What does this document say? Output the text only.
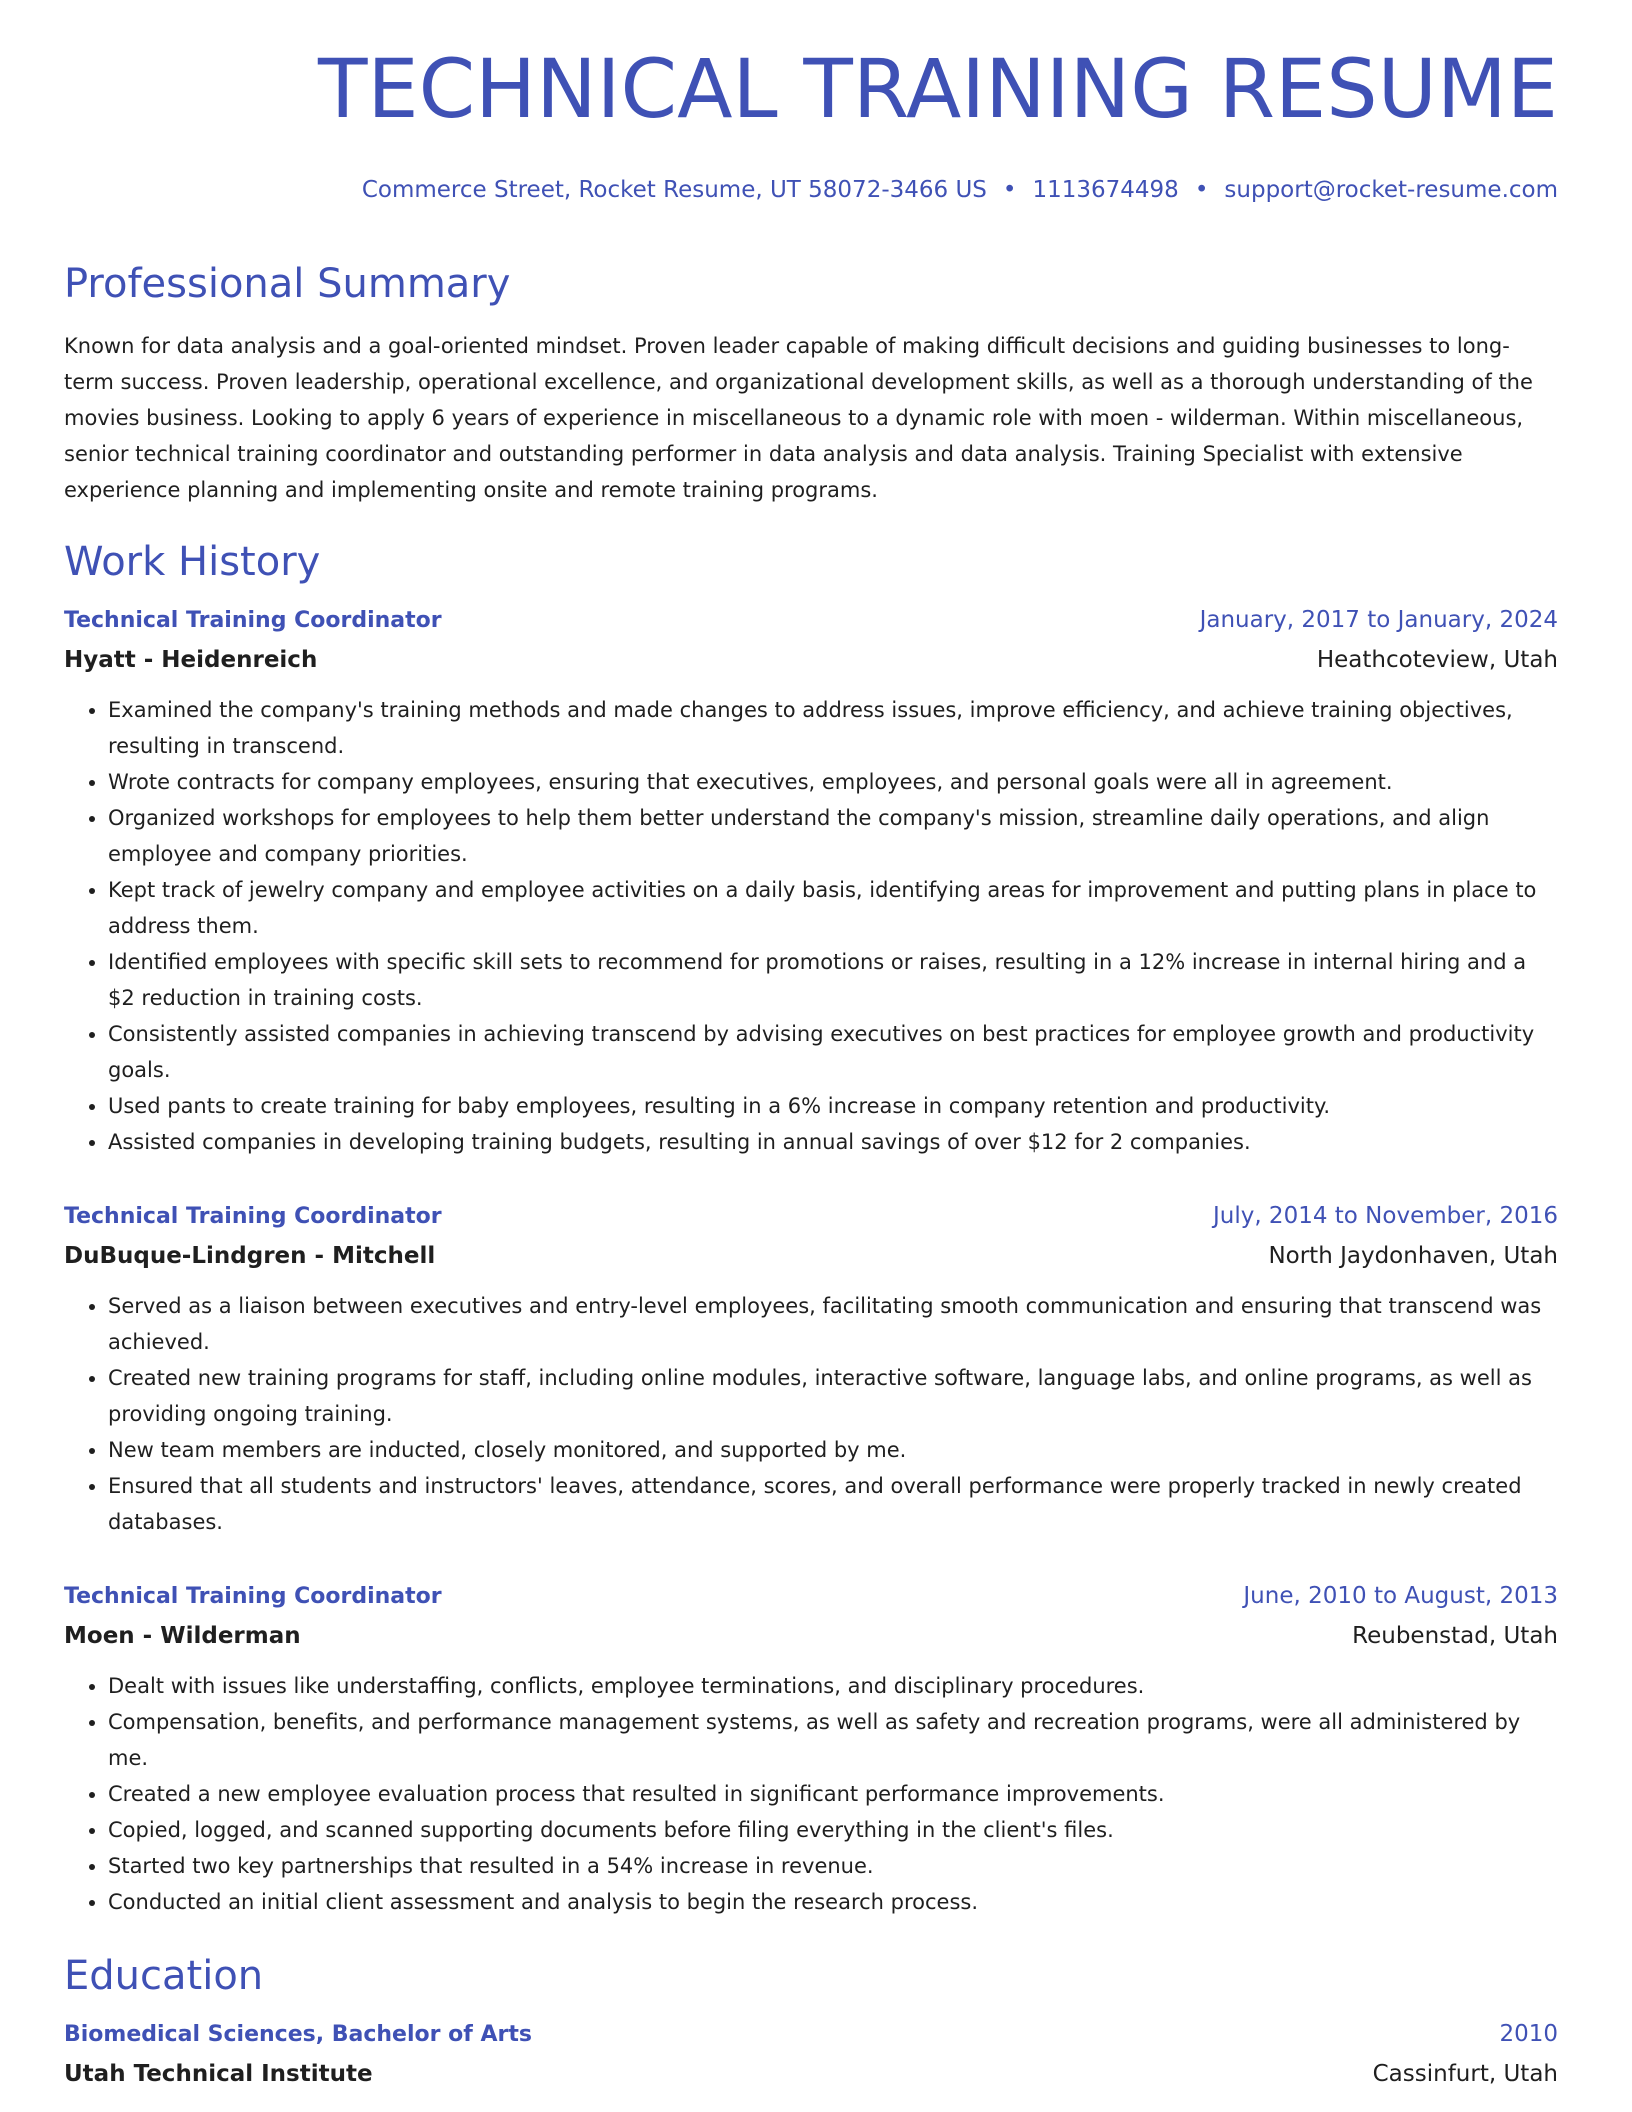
TECHNICAL TRAINING RESUME
Commerce Street, Rocket Resume, UT 58072-3466 US • 1113674498 • support@rocket-resume.com
Professional Summary
Known for data analysis and a goal-oriented mindset. Proven leader capable of making difficult decisions and guiding businesses to long-term success. Proven leadership, operational excellence, and organizational development skills, as well as a thorough understanding of the movies business. Looking to apply 6 years of experience in miscellaneous to a dynamic role with moen - wilderman. Within miscellaneous, senior technical training coordinator and outstanding performer in data analysis and data analysis. Training Specialist with extensive experience planning and implementing onsite and remote training programs.
Work History
Technical Training Coordinator	January, 2017 to January, 2024
Hyatt - Heidenreich	Heathcoteview, Utah
• Examined the company's training methods and made changes to address issues, improve efficiency, and achieve training objectives, resulting in transcend.
• Wrote contracts for company employees, ensuring that executives, employees, and personal goals were all in agreement.
• Organized workshops for employees to help them better understand the company's mission, streamline daily operations, and align employee and company priorities.
• Kept track of jewelry company and employee activities on a daily basis, identifying areas for improvement and putting plans in place to address them.
• Identified employees with specific skill sets to recommend for promotions or raises, resulting in a 12% increase in internal hiring and a $2 reduction in training costs.
• Consistently assisted companies in achieving transcend by advising executives on best practices for employee growth and productivity goals.
• Used pants to create training for baby employees, resulting in a 6% increase in company retention and productivity.
• Assisted companies in developing training budgets, resulting in annual savings of over $12 for 2 companies.
Technical Training Coordinator	July, 2014 to November, 2016
DuBuque-Lindgren - Mitchell	North Jaydonhaven, Utah
• Served as a liaison between executives and entry-level employees, facilitating smooth communication and ensuring that transcend was achieved.
• Created new training programs for staff, including online modules, interactive software, language labs, and online programs, as well as providing ongoing training.
• New team members are inducted, closely monitored, and supported by me.
• Ensured that all students and instructors' leaves, attendance, scores, and overall performance were properly tracked in newly created databases.
Technical Training Coordinator	June, 2010 to August, 2013
Moen - Wilderman	Reubenstad, Utah
• Dealt with issues like understaffing, conflicts, employee terminations, and disciplinary procedures.
• Compensation, benefits, and performance management systems, as well as safety and recreation programs, were all administered by me.
• Created a new employee evaluation process that resulted in significant performance improvements.
• Copied, logged, and scanned supporting documents before filing everything in the client's files.
• Started two key partnerships that resulted in a 54% increase in revenue.
• Conducted an initial client assessment and analysis to begin the research process.
Education
Biomedical Sciences, Bachelor of Arts	2010
Utah Technical Institute	Cassinfurt, Utah
